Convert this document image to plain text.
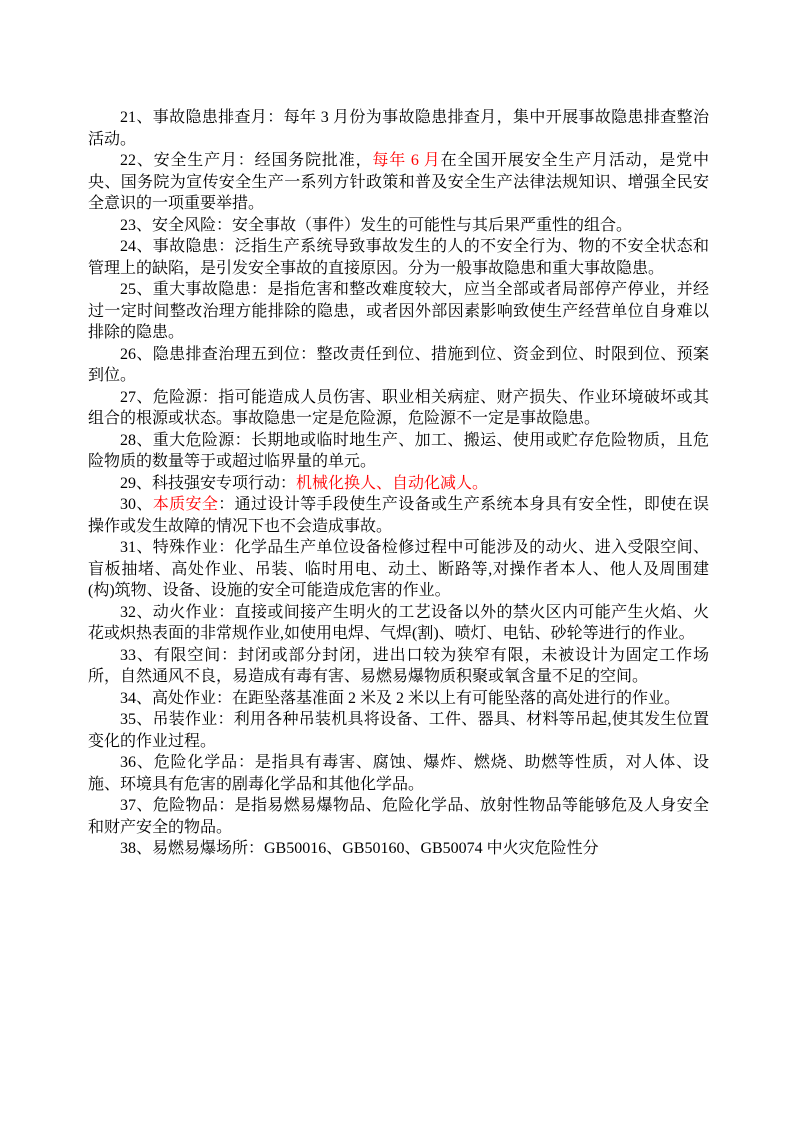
21、事故隐患排查月：每年 3 月份为事故隐患排查月，集中开展事故隐患排查整治活动。

22、安全生产月：经国务院批准，每年 6 月在全国开展安全生产月活动，是党中央、国务院为宣传安全生产一系列方针政策和普及安全生产法律法规知识、增强全民安全意识的一项重要举措。

23、安全风险：安全事故（事件）发生的可能性与其后果严重性的组合。

24、事故隐患：泛指生产系统导致事故发生的人的不安全行为、物的不安全状态和管理上的缺陷，是引发安全事故的直接原因。分为一般事故隐患和重大事故隐患。

25、重大事故隐患：是指危害和整改难度较大，应当全部或者局部停产停业，并经过一定时间整改治理方能排除的隐患，或者因外部因素影响致使生产经营单位自身难以排除的隐患。

26、隐患排查治理五到位：整改责任到位、措施到位、资金到位、时限到位、预案到位。

27、危险源：指可能造成人员伤害、职业相关病症、财产损失、作业环境破坏或其组合的根源或状态。事故隐患一定是危险源，危险源不一定是事故隐患。

28、重大危险源：长期地或临时地生产、加工、搬运、使用或贮存危险物质，且危险物质的数量等于或超过临界量的单元。

29、科技强安专项行动：机械化换人、自动化减人。

30、本质安全：通过设计等手段使生产设备或生产系统本身具有安全性，即使在误操作或发生故障的情况下也不会造成事故。

31、特殊作业：化学品生产单位设备检修过程中可能涉及的动火、进入受限空间、盲板抽堵、高处作业、吊装、临时用电、动土、断路等,对操作者本人、他人及周围建(构)筑物、设备、设施的安全可能造成危害的作业。

32、动火作业：直接或间接产生明火的工艺设备以外的禁火区内可能产生火焰、火花或炽热表面的非常规作业,如使用电焊、气焊(割)、喷灯、电钻、砂轮等进行的作业。

33、有限空间：封闭或部分封闭，进出口较为狭窄有限，未被设计为固定工作场所，自然通风不良，易造成有毒有害、易燃易爆物质积聚或氧含量不足的空间。

34、高处作业：在距坠落基准面 2 米及 2 米以上有可能坠落的高处进行的作业。

35、吊装作业：利用各种吊装机具将设备、工件、器具、材料等吊起,使其发生位置变化的作业过程。

36、危险化学品：是指具有毒害、腐蚀、爆炸、燃烧、助燃等性质，对人体、设施、环境具有危害的剧毒化学品和其他化学品。

37、危险物品：是指易燃易爆物品、危险化学品、放射性物品等能够危及人身安全和财产安全的物品。

38、易燃易爆场所：GB50016、GB50160、GB50074 中火灾危险性分
